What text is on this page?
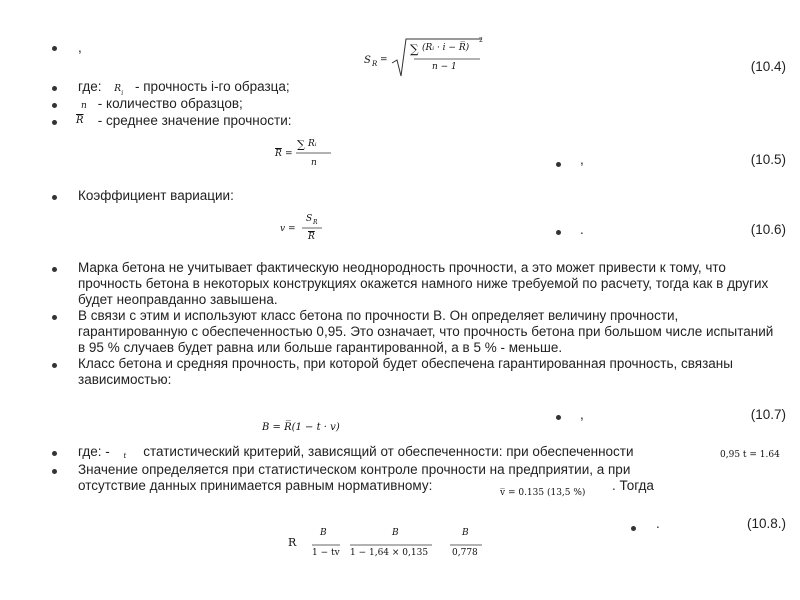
,
S R =
∑ (Rᵢ · i − R̅)
2
n − 1	(10.4)
где: R i - прочность i-го образца;
n - количество образцов;
$\overline{R}$ - среднее значение прочности:
$\overline{R}$ =
∑ Rᵢ
n	,	(10.5)
Коэффициент вариации:
v =
S R
$\overline{R}$	.	(10.6)
Марка бетона не учитывает фактическую неоднородность прочности, а это может привести к тому, что прочность бетона в некоторых конструкциях окажется намного ниже требуемой по расчету, тогда как в других будет неоправданно завышена.
В связи с этим и используют класс бетона по прочности В. Он определяет величину прочности, гарантированную с обеспеченностью 0,95. Это означает, что прочность бетона при большом числе испытаний в 95 % случаев будет равна или больше гарантированной, а в 5 % - меньше.
Класс бетона и средняя прочность, при которой будет обеспечена гарантированная прочность, связаны зависимостью:
B = R̅(1 − t · v)
,	(10.7)
где: - t статистический критерий, зависящий от обеспеченности: при обеспеченности	0,95 t = 1.64
Значение определяется при статистическом контроле прочности на предприятии, а при
отсутствие данных принимается равным нормативному:	v̅ = 0.135 (13,5 %) . Тогда
R
B
1 − tv
B
1 − 1,64 × 0,135
B
0,778
.	(10.8.)
